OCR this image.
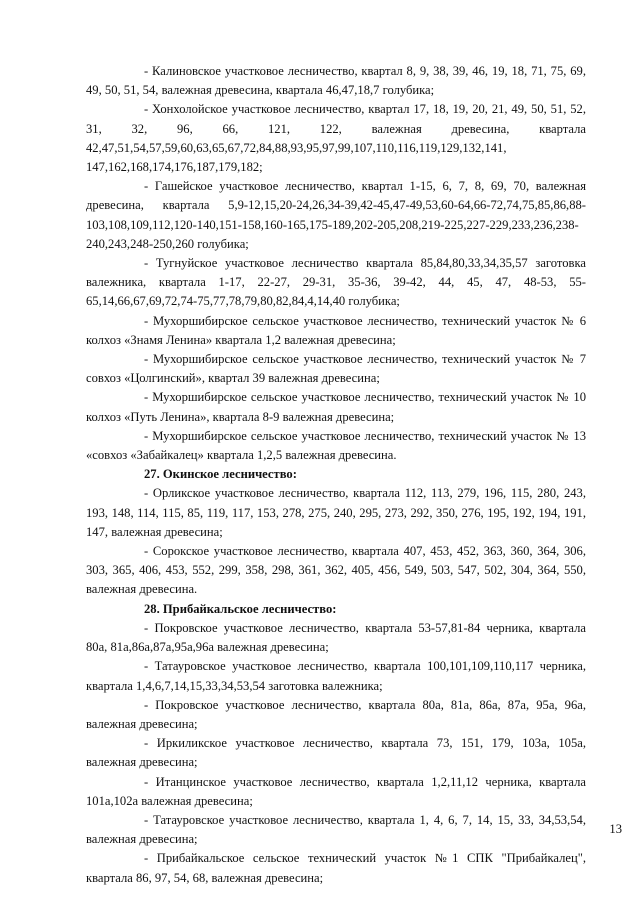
- Калиновское участковое лесничество, квартал 8, 9, 38, 39, 46, 19, 18, 71, 75, 69, 49, 50, 51, 54, валежная древесина, квартала 46,47,18,7 голубика;

- Хонхолойское участковое лесничество, квартал 17, 18, 19, 20, 21, 49, 50, 51, 52, 31, 32, 96, 66, 121, 122, валежная древесина, квартала 42,47,51,54,57,59,60,63,65,67,72,84,88,93,95,97,99,107,110,116,119,129,132,141, 147,162,168,174,176,187,179,182;

- Гашейское участковое лесничество, квартал 1-15, 6, 7, 8, 69, 70, валежная древесина, квартала 5,9-12,15,20-24,26,34-39,42-45,47-49,53,60-64,66-72,74,75,85,86,88-103,108,109,112,120-140,151-158,160-165,175-189,202-205,208,219-225,227-229,233,236,238-240,243,248-250,260 голубика;

- Тугнуйское участковое лесничество квартала 85,84,80,33,34,35,57 заготовка валежника, квартала 1-17, 22-27, 29-31, 35-36, 39-42, 44, 45, 47, 48-53, 55-65,14,66,67,69,72,74-75,77,78,79,80,82,84,4,14,40 голубика;

- Мухоршибирское сельское участковое лесничество, технический участок № 6 колхоз «Знамя Ленина» квартала 1,2 валежная древесина;

- Мухоршибирское сельское участковое лесничество, технический участок № 7 совхоз «Цолгинский», квартал 39 валежная древесина;

- Мухоршибирское сельское участковое лесничество, технический участок № 10 колхоз «Путь Ленина», квартала 8-9 валежная древесина;

- Мухоршибирское сельское участковое лесничество, технический участок № 13 «совхоз «Забайкалец» квартала 1,2,5 валежная древесина.

27. Окинское лесничество:

- Орликское участковое лесничество, квартала 112, 113, 279, 196, 115, 280, 243, 193, 148, 114, 115, 85, 119, 117, 153, 278, 275, 240, 295, 273, 292, 350, 276, 195, 192, 194, 191, 147, валежная древесина;

- Сорокское участковое лесничество, квартала 407, 453, 452, 363, 360, 364, 306, 303, 365, 406, 453, 552, 299, 358, 298, 361, 362, 405, 456, 549, 503, 547, 502, 304, 364, 550, валежная древесина.

28. Прибайкальское лесничество:

- Покровское участковое лесничество, квартала 53-57,81-84 черника, квартала 80а, 81а,86а,87а,95а,96а валежная древесина;

- Татауровское участковое лесничество, квартала 100,101,109,110,117 черника, квартала 1,4,6,7,14,15,33,34,53,54 заготовка валежника;

- Покровское участковое лесничество, квартала 80а, 81а, 86а, 87а, 95а, 96а, валежная древесина;

- Иркиликское участковое лесничество, квартала 73, 151, 179, 103а, 105а, валежная древесина;

- Итанцинское участковое лесничество, квартала 1,2,11,12 черника, квартала 101а,102а валежная древесина;

- Татауровское участковое лесничество, квартала 1, 4, 6, 7, 14, 15, 33, 34,53,54, валежная древесина;

- Прибайкальское сельское технический участок №1 СПК "Прибайкалец", квартала 86, 97, 54, 68, валежная древесина;

13
